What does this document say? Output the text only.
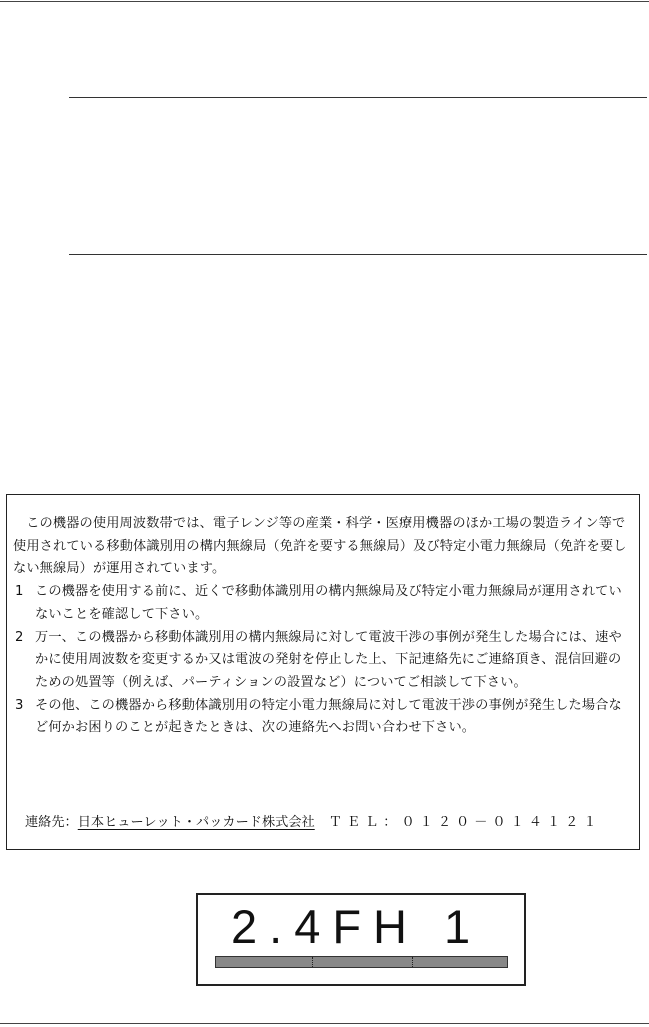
この機器の使用周波数帯では、電子レンジ等の産業・科学・医療用機器のほか工場の製造ライン等で使用されている移動体識別用の構内無線局（免許を要する無線局）及び特定小電力無線局（免許を要しない無線局）が運用されています。

1 この機器を使用する前に、近くで移動体識別用の構内無線局及び特定小電力無線局が運用されていないことを確認して下さい。
2 万一、この機器から移動体識別用の構内無線局に対して電波干渉の事例が発生した場合には、速やかに使用周波数を変更するか又は電波の発射を停止した上、下記連絡先にご連絡頂き、混信回避のための処置等（例えば、パーティションの設置など）についてご相談して下さい。
3 その他、この機器から移動体識別用の特定小電力無線局に対して電波干渉の事例が発生した場合など何かお困りのことが起きたときは、次の連絡先へお問い合わせ下さい。
連絡先：日本ヒューレット・パッカード株式会社 ＴＥＬ：０１２０－０１４１２１
2.4FH 1
